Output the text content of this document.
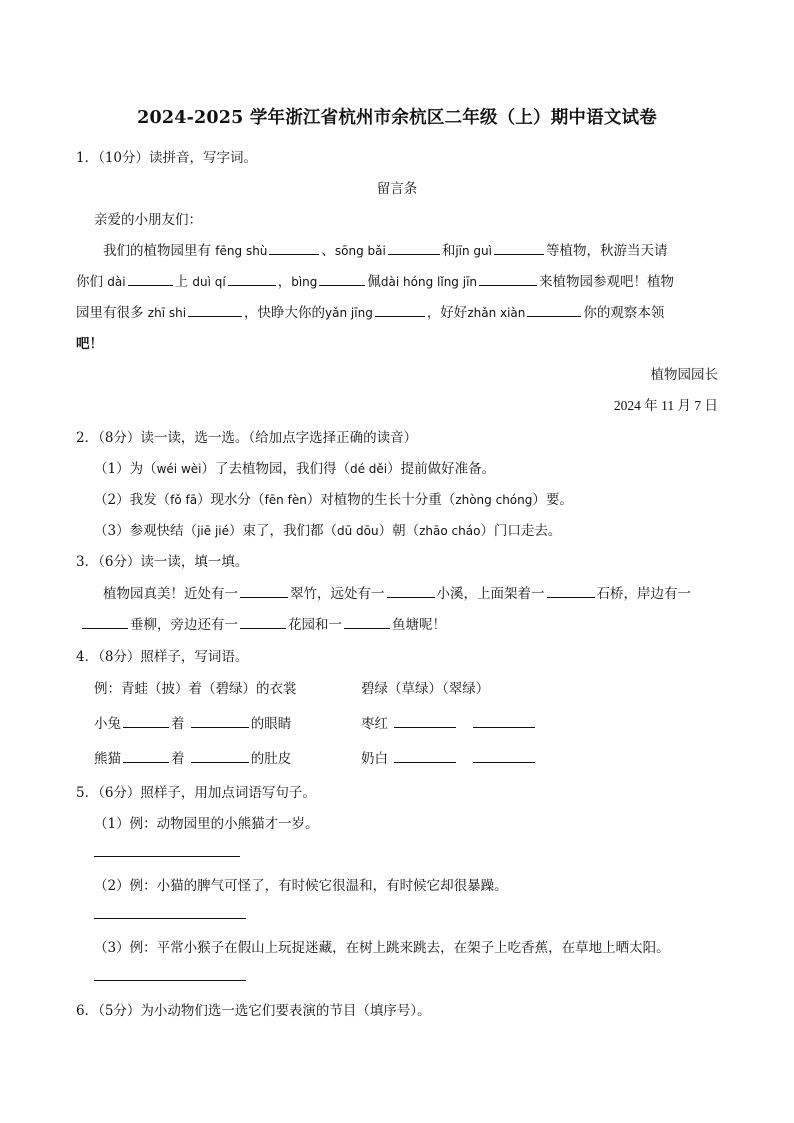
2024-2025 学年浙江省杭州市余杭区二年级（上）期中语文试卷
1．（10分）读拼音，写字词。
留言条
亲爱的小朋友们：
我们的植物园里有 fēng shù	、sōng bǎi	和jīn guì	等植物，秋游当天请
你们 dài	上 duì qí	，bìng	佩dài hóng lǐng jīn	来植物园参观吧！植物
园里有很多 zhī shi	，快睁大你的yǎn jīng	，好好zhǎn xiàn	你的观察本领
吧！
植物园园长
2024 年 11 月 7 日
2．（8分）读一读，选一选。（给加点字选择正确的读音）
（1）为（wéi wèi）了去植物园，我们得（dé děi）提前做好准备。
（2）我发（fǒ fā）现水分（fēn fèn）对植物的生长十分重（zhòng chóng）要。
（3）参观快结（jiē jié）束了，我们都（dū dōu）朝（zhāo cháo）门口走去。
3．（6分）读一读，填一填。
植物园真美！近处有一	翠竹，远处有一	小溪，上面架着一	石桥，岸边有一
垂柳，旁边还有一	花园和一	鱼塘呢！
4．（8分）照样子，写词语。
例：青蛙（披）着（碧绿）的衣裳	碧绿（草绿）（翠绿）
小兔	着	的眼睛	枣红
熊猫	着	的肚皮	奶白
5．（6分）照样子，用加点词语写句子。
（1）例：动物园里的小熊猫才一岁。
（2）例：小猫的脾气可怪了，有时候它很温和，有时候它却很暴躁。
（3）例：平常小猴子在假山上玩捉迷藏，在树上跳来跳去，在架子上吃香蕉，在草地上晒太阳。
6．（5分）为小动物们选一选它们要表演的节目（填序号）。
